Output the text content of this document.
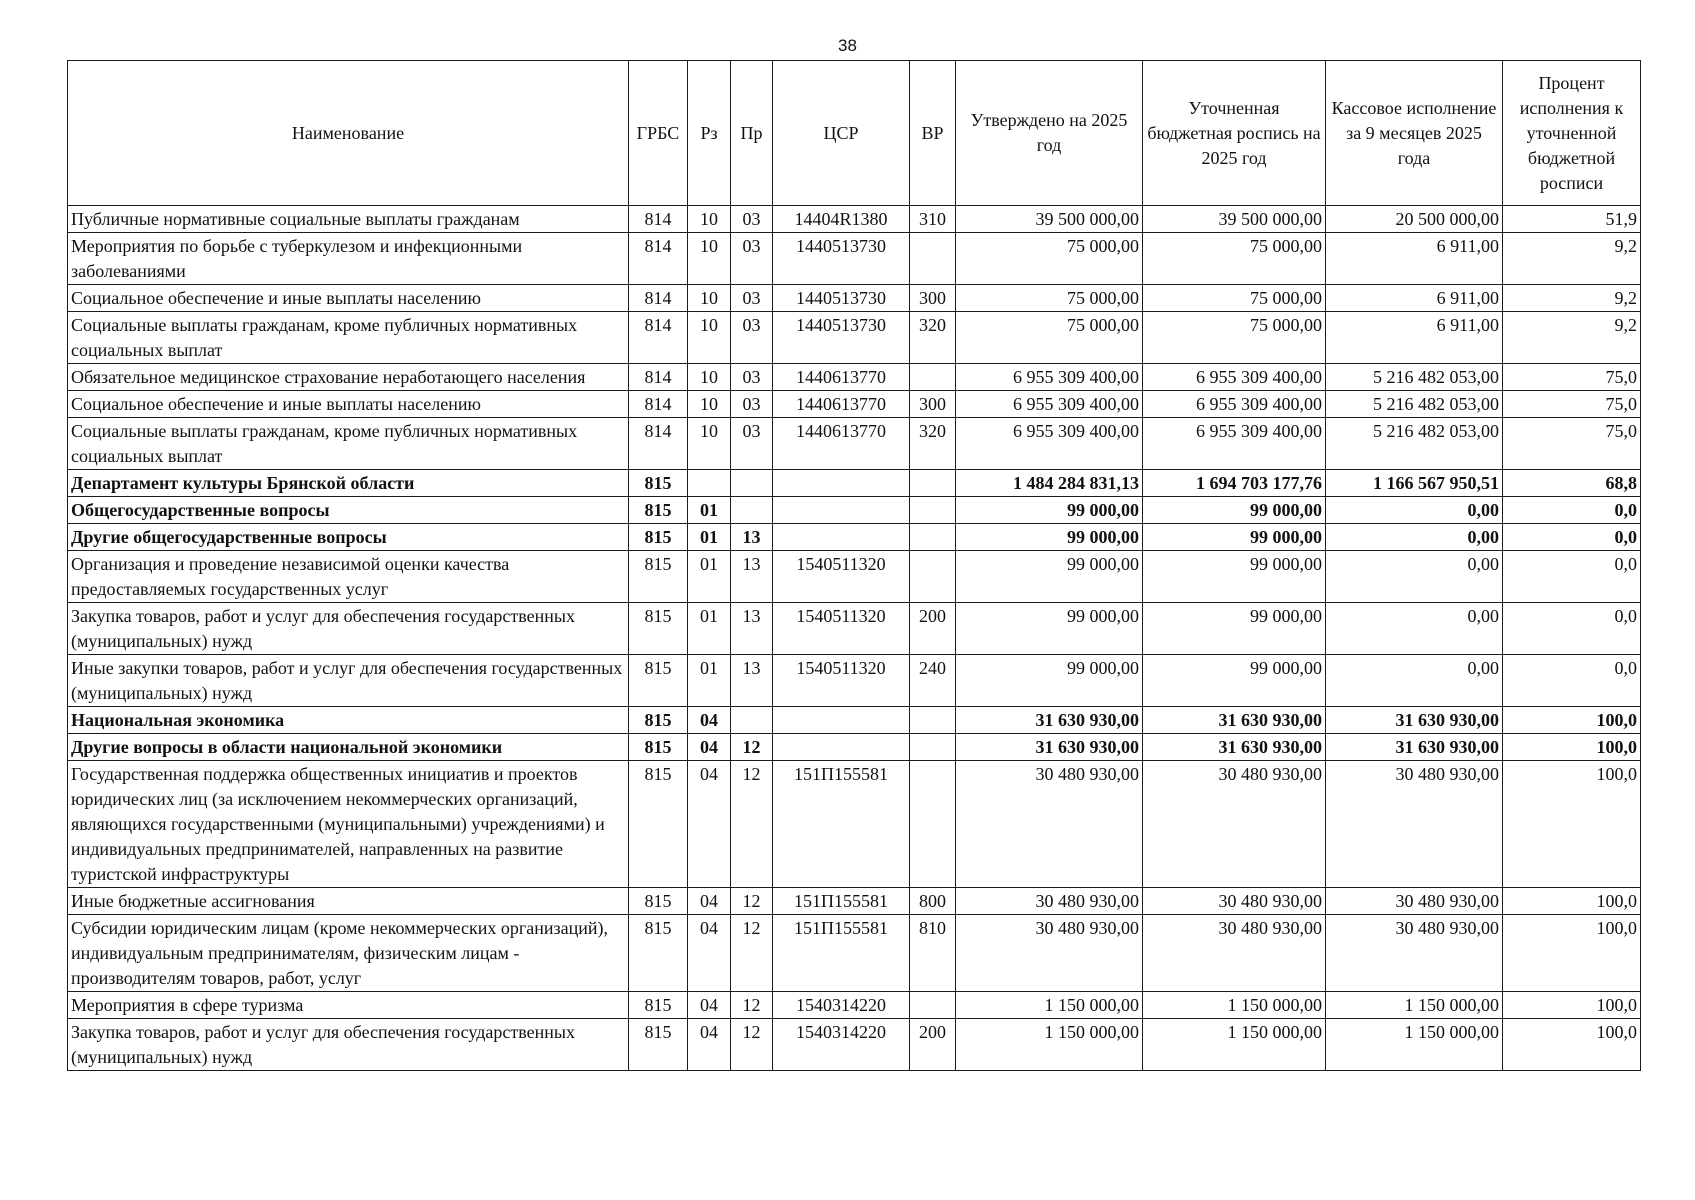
38
Наименование	ГРБС	Рз	Пр	ЦСР	ВР	Утверждено на 2025 год	Уточненная бюджетная роспись на 2025 год	Кассовое исполнение за 9 месяцев 2025 года	Процент исполнения к уточненной бюджетной росписи
Публичные нормативные социальные выплаты гражданам	814	10	03	14404R1380	310	39 500 000,00	39 500 000,00	20 500 000,00	51,9
Мероприятия по борьбе с туберкулезом и инфекционными заболеваниями	814	10	03	1440513730		75 000,00	75 000,00	6 911,00	9,2
Социальное обеспечение и иные выплаты населению	814	10	03	1440513730	300	75 000,00	75 000,00	6 911,00	9,2
Социальные выплаты гражданам, кроме публичных нормативных социальных выплат	814	10	03	1440513730	320	75 000,00	75 000,00	6 911,00	9,2
Обязательное медицинское страхование неработающего населения	814	10	03	1440613770		6 955 309 400,00	6 955 309 400,00	5 216 482 053,00	75,0
Социальное обеспечение и иные выплаты населению	814	10	03	1440613770	300	6 955 309 400,00	6 955 309 400,00	5 216 482 053,00	75,0
Социальные выплаты гражданам, кроме публичных нормативных социальных выплат	814	10	03	1440613770	320	6 955 309 400,00	6 955 309 400,00	5 216 482 053,00	75,0
Департамент культуры Брянской области	815					1 484 284 831,13	1 694 703 177,76	1 166 567 950,51	68,8
Общегосударственные вопросы	815	01				99 000,00	99 000,00	0,00	0,0
Другие общегосударственные вопросы	815	01	13			99 000,00	99 000,00	0,00	0,0
Организация и проведение независимой оценки качества предоставляемых государственных услуг	815	01	13	1540511320		99 000,00	99 000,00	0,00	0,0
Закупка товаров, работ и услуг для обеспечения государственных (муниципальных) нужд	815	01	13	1540511320	200	99 000,00	99 000,00	0,00	0,0
Иные закупки товаров, работ и услуг для обеспечения государственных (муниципальных) нужд	815	01	13	1540511320	240	99 000,00	99 000,00	0,00	0,0
Национальная экономика	815	04				31 630 930,00	31 630 930,00	31 630 930,00	100,0
Другие вопросы в области национальной экономики	815	04	12			31 630 930,00	31 630 930,00	31 630 930,00	100,0
Государственная поддержка общественных инициатив и проектов юридических лиц (за исключением некоммерческих организаций, являющихся государственными (муниципальными) учреждениями) и индивидуальных предпринимателей, направленных на развитие туристской инфраструктуры	815	04	12	151П155581		30 480 930,00	30 480 930,00	30 480 930,00	100,0
Иные бюджетные ассигнования	815	04	12	151П155581	800	30 480 930,00	30 480 930,00	30 480 930,00	100,0
Субсидии юридическим лицам (кроме некоммерческих организаций), индивидуальным предпринимателям, физическим лицам - производителям товаров, работ, услуг	815	04	12	151П155581	810	30 480 930,00	30 480 930,00	30 480 930,00	100,0
Мероприятия в сфере туризма	815	04	12	1540314220		1 150 000,00	1 150 000,00	1 150 000,00	100,0
Закупка товаров, работ и услуг для обеспечения государственных (муниципальных) нужд	815	04	12	1540314220	200	1 150 000,00	1 150 000,00	1 150 000,00	100,0
